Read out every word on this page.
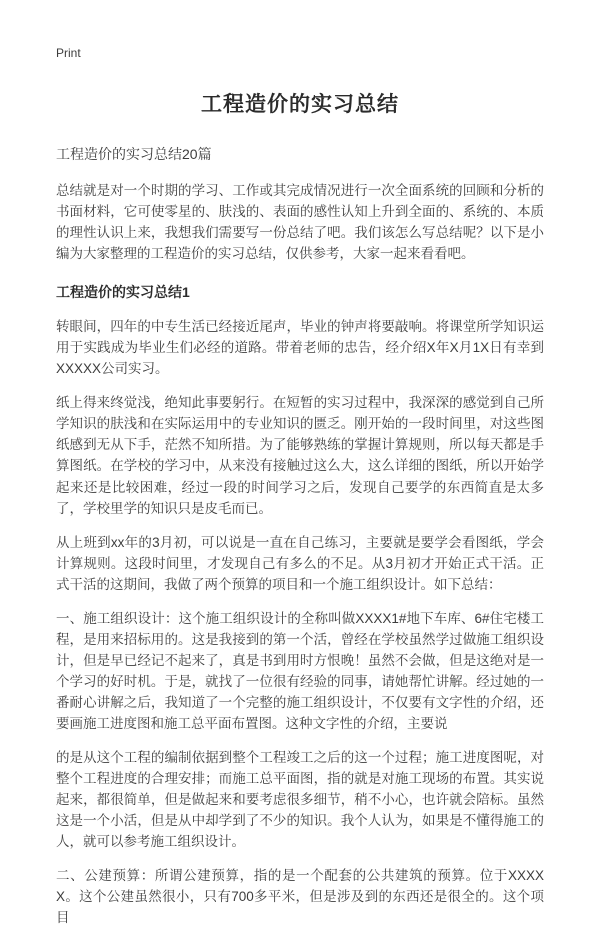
Print
工程造价的实习总结
工程造价的实习总结20篇
总结就是对一个时期的学习、工作或其完成情况进行一次全面系统的回顾和分析的书面材料，它可使零星的、肤浅的、表面的感性认知上升到全面的、系统的、本质的理性认识上来，我想我们需要写一份总结了吧。我们该怎么写总结呢？以下是小编为大家整理的工程造价的实习总结，仅供参考，大家一起来看看吧。
工程造价的实习总结1
转眼间，四年的中专生活已经接近尾声，毕业的钟声将要敲响。将课堂所学知识运用于实践成为毕业生们必经的道路。带着老师的忠告，经介绍X年X月1X日有幸到XXXXX公司实习。
纸上得来终觉浅，绝知此事要躬行。在短暂的实习过程中，我深深的感觉到自己所学知识的肤浅和在实际运用中的专业知识的匮乏。刚开始的一段时间里，对这些图纸感到无从下手，茫然不知所措。为了能够熟练的掌握计算规则，所以每天都是手算图纸。在学校的学习中，从来没有接触过这么大，这么详细的图纸，所以开始学起来还是比较困难，经过一段的时间学习之后，发现自己要学的东西简直是太多了，学校里学的知识只是皮毛而已。
从上班到xx年的3月初，可以说是一直在自己练习，主要就是要学会看图纸，学会计算规则。这段时间里，才发现自己有多么的不足。从3月初才开始正式干活。正式干活的这期间，我做了两个预算的项目和一个施工组织设计。如下总结：
一、施工组织设计：这个施工组织设计的全称叫做XXXX1#地下车库、6#住宅楼工程，是用来招标用的。这是我接到的第一个活，曾经在学校虽然学过做施工组织设计，但是早已经记不起来了，真是书到用时方恨晚！虽然不会做，但是这绝对是一个学习的好时机。于是，就找了一位很有经验的同事，请她帮忙讲解。经过她的一番耐心讲解之后，我知道了一个完整的施工组织设计，不仅要有文字性的介绍，还要画施工进度图和施工总平面布置图。这种文字性的介绍，主要说
的是从这个工程的编制依据到整个工程竣工之后的这一个过程；施工进度图呢，对整个工程进度的合理安排；而施工总平面图，指的就是对施工现场的布置。其实说起来，都很简单，但是做起来和要考虑很多细节，稍不小心，也许就会陪标。虽然这是一个小活，但是从中却学到了不少的知识。我个人认为，如果是不懂得施工的人，就可以参考施工组织设计。
二、公建预算：所谓公建预算，指的是一个配套的公共建筑的预算。位于XXXXX。这个公建虽然很小，只有700多平米，但是涉及到的东西还是很全的。这个项目
